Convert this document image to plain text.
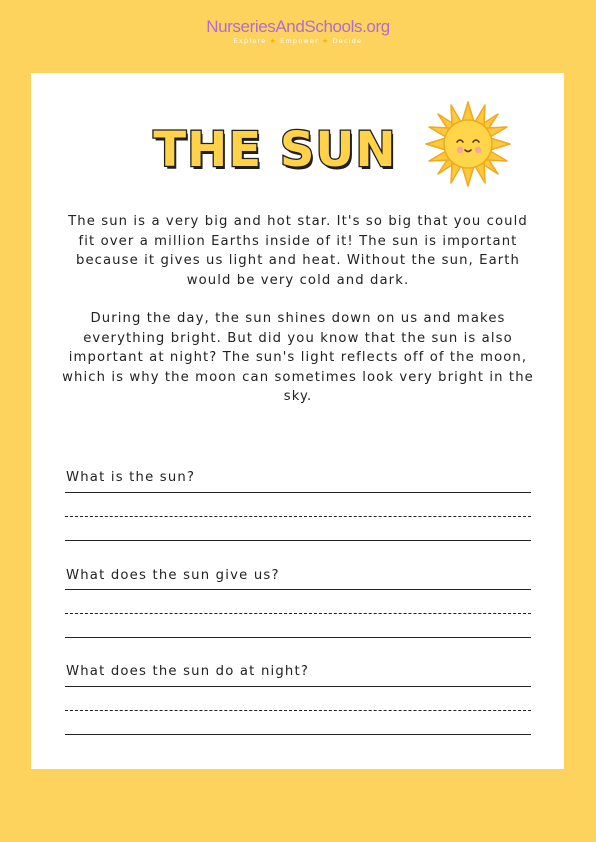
NurseriesAndSchools.org
Explore ★ Empower ★ Decide
THE SUN

The sun is a very big and hot star. It's so big that you could fit over a million Earths inside of it! The sun is important because it gives us light and heat. Without the sun, Earth would be very cold and dark.

During the day, the sun shines down on us and makes everything bright. But did you know that the sun is also important at night? The sun's light reflects off of the moon, which is why the moon can sometimes look very bright in the sky.

What is the sun?
What does the sun give us?
What does the sun do at night?
